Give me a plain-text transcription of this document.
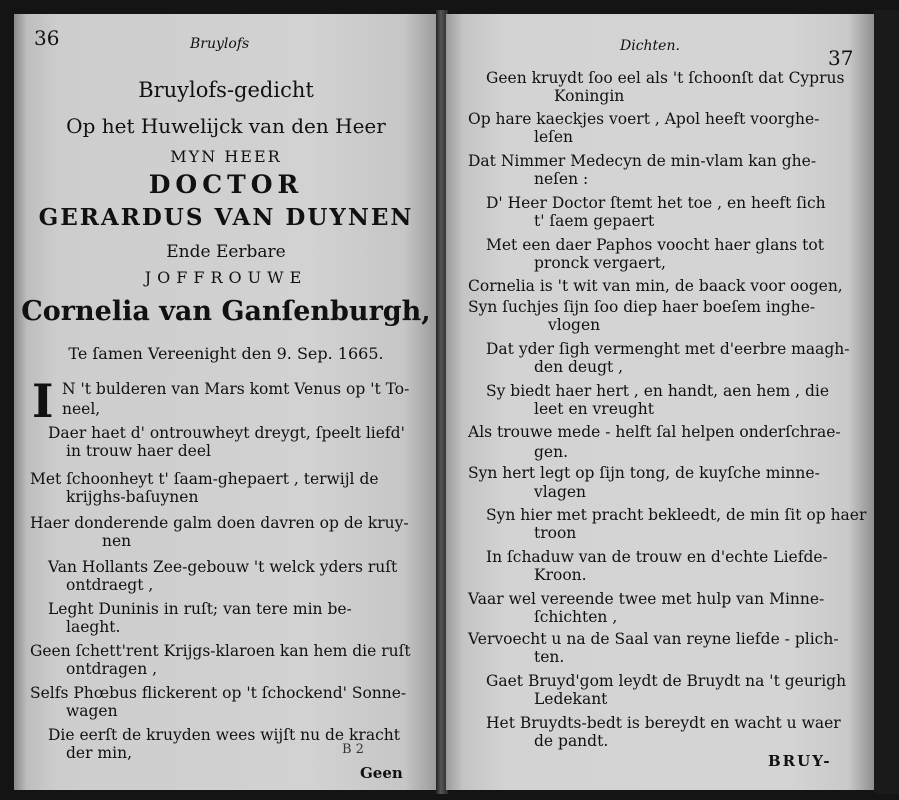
36	Bruylofs
Bruylofs-gedicht
Op het Huwelijck van den Heer
MYN HEER
DOCTOR
GERARDUS VAN DUYNEN
Ende Eerbare
JOFFROUWE
Cornelia van Ganſenburgh,
Te ſamen Vereenight den 9. Sep. 1665.
I N 't bulderen van Mars komt Venus op 't To-
neel,
Daer haet d' ontrouwheyt dreygt, ſpeelt liefd'
in trouw haer deel
Met ſchoonheyt t' ſaam-ghepaert , terwijl de
krijghs-baſuynen
Haer donderende galm doen davren op de kruy-
nen
Van Hollants Zee-gebouw 't welck yders ruſt
ontdraegt ,
Leght Duninis in ruſt; van tere min be-
laeght.
Geen ſchett'rent Krijgs-klaroen kan hem die ruſt
ontdragen ,
Selfs Phœbus flickerent op 't ſchockend' Sonne-
wagen
Die eerſt de kruyden wees wijſt nu de kracht
der min,	B 2
Geen
Dichten.	37
Geen kruydt ſoo eel als 't ſchoonſt dat Cyprus
Koningin
Op hare kaeckjes voert , Apol heeft voorghe-
leſen
Dat Nimmer Medecyn de min-vlam kan ghe-
neſen :
D' Heer Doctor ſtemt het toe , en heeft ſich
t' ſaem gepaert
Met een daer Paphos voocht haer glans tot
pronck vergaert,
Cornelia is 't wit van min, de baack voor oogen,
Syn ſuchjes ſijn ſoo diep haer boeſem inghe-
vlogen
Dat yder ſigh vermenght met d'eerbre maagh-
den deugt ,
Sy biedt haer hert , en handt, aen hem , die
leet en vreught
Als trouwe mede - helft ſal helpen onderſchrae-
gen.
Syn hert legt op ſijn tong, de kuyſche minne-
vlagen
Syn hier met pracht bekleedt, de min ſit op haer
troon
In ſchaduw van de trouw en d'echte Liefde-
Kroon.
Vaar wel vereende twee met hulp van Minne-
ſchichten ,
Vervoecht u na de Saal van reyne liefde - plich-
ten.
Gaet Bruyd'gom leydt de Bruydt na 't geurigh
Ledekant
Het Bruydts-bedt is bereydt en wacht u waer
de pandt.
BRUY-
